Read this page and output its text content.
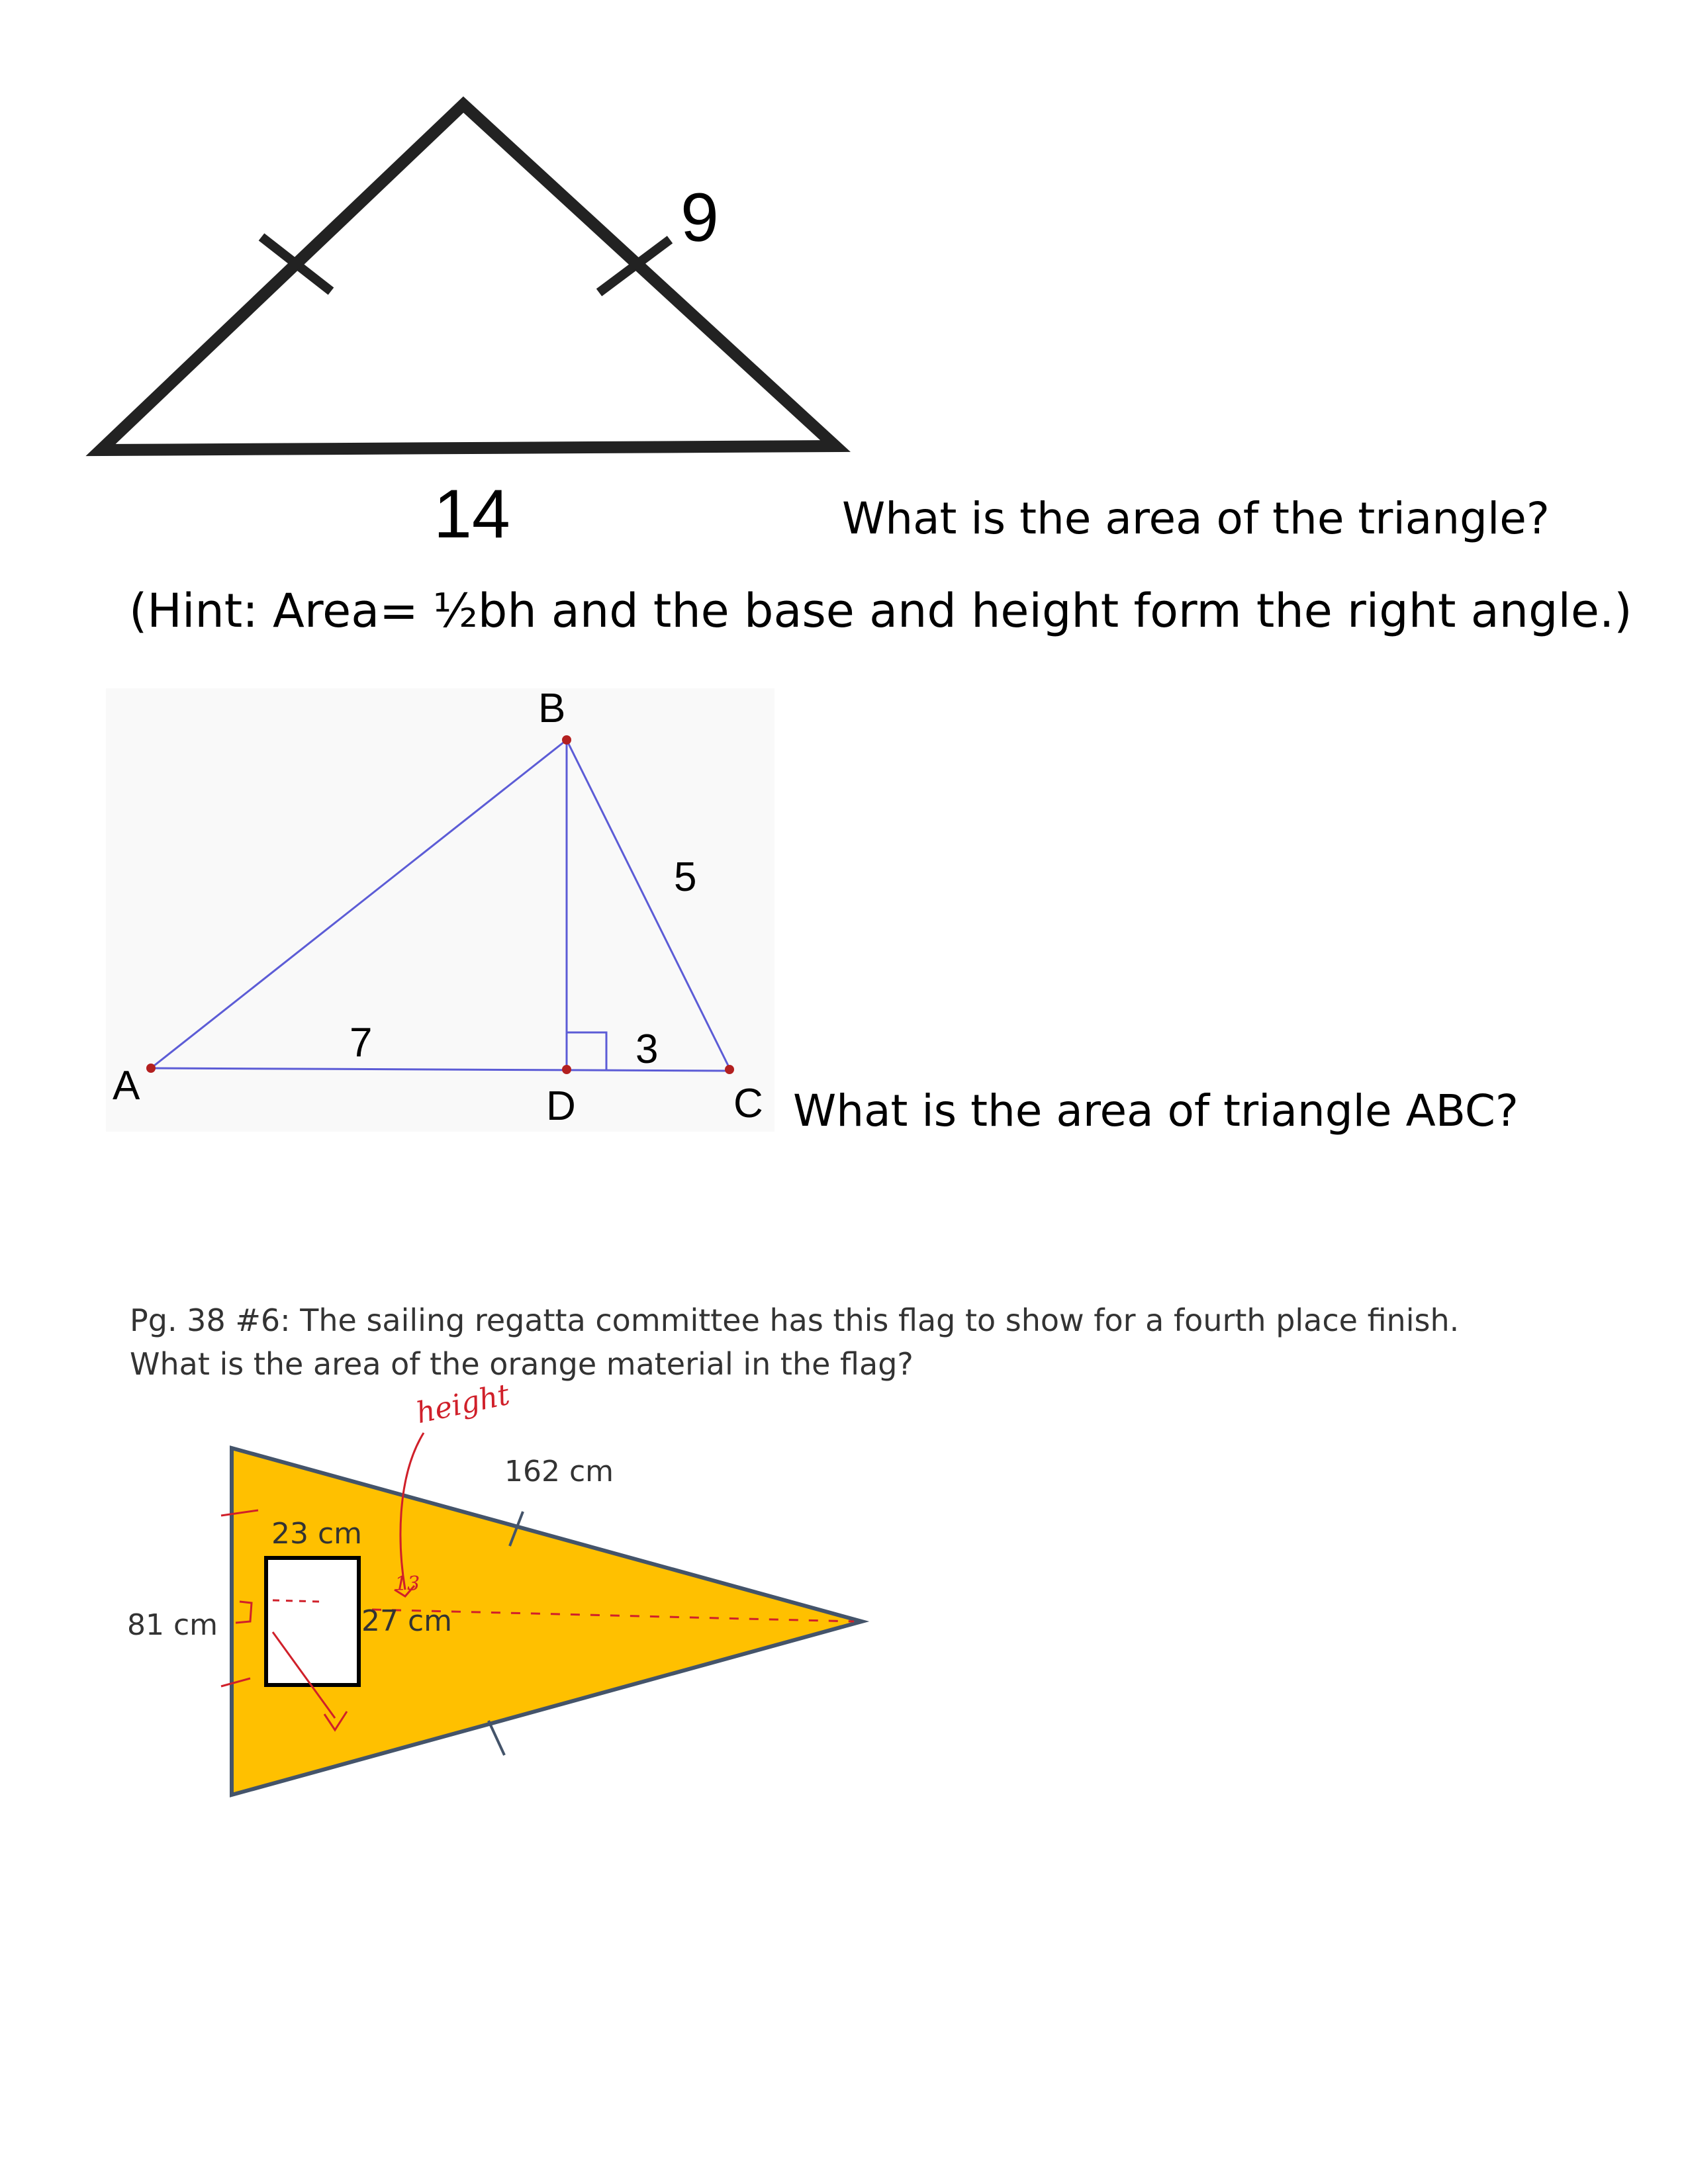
9
14	What is the area of the triangle?
(Hint: Area= ½bh and the base and height form the right angle.)
B
A	C
D
7	3
5
What is the area of triangle ABC?
Pg. 38 #6: The sailing regatta committee has this flag to show for a fourth place finish.
What is the area of the orange material in the flag?
162 cm
23 cm
27 cm
81 cm
height
13
